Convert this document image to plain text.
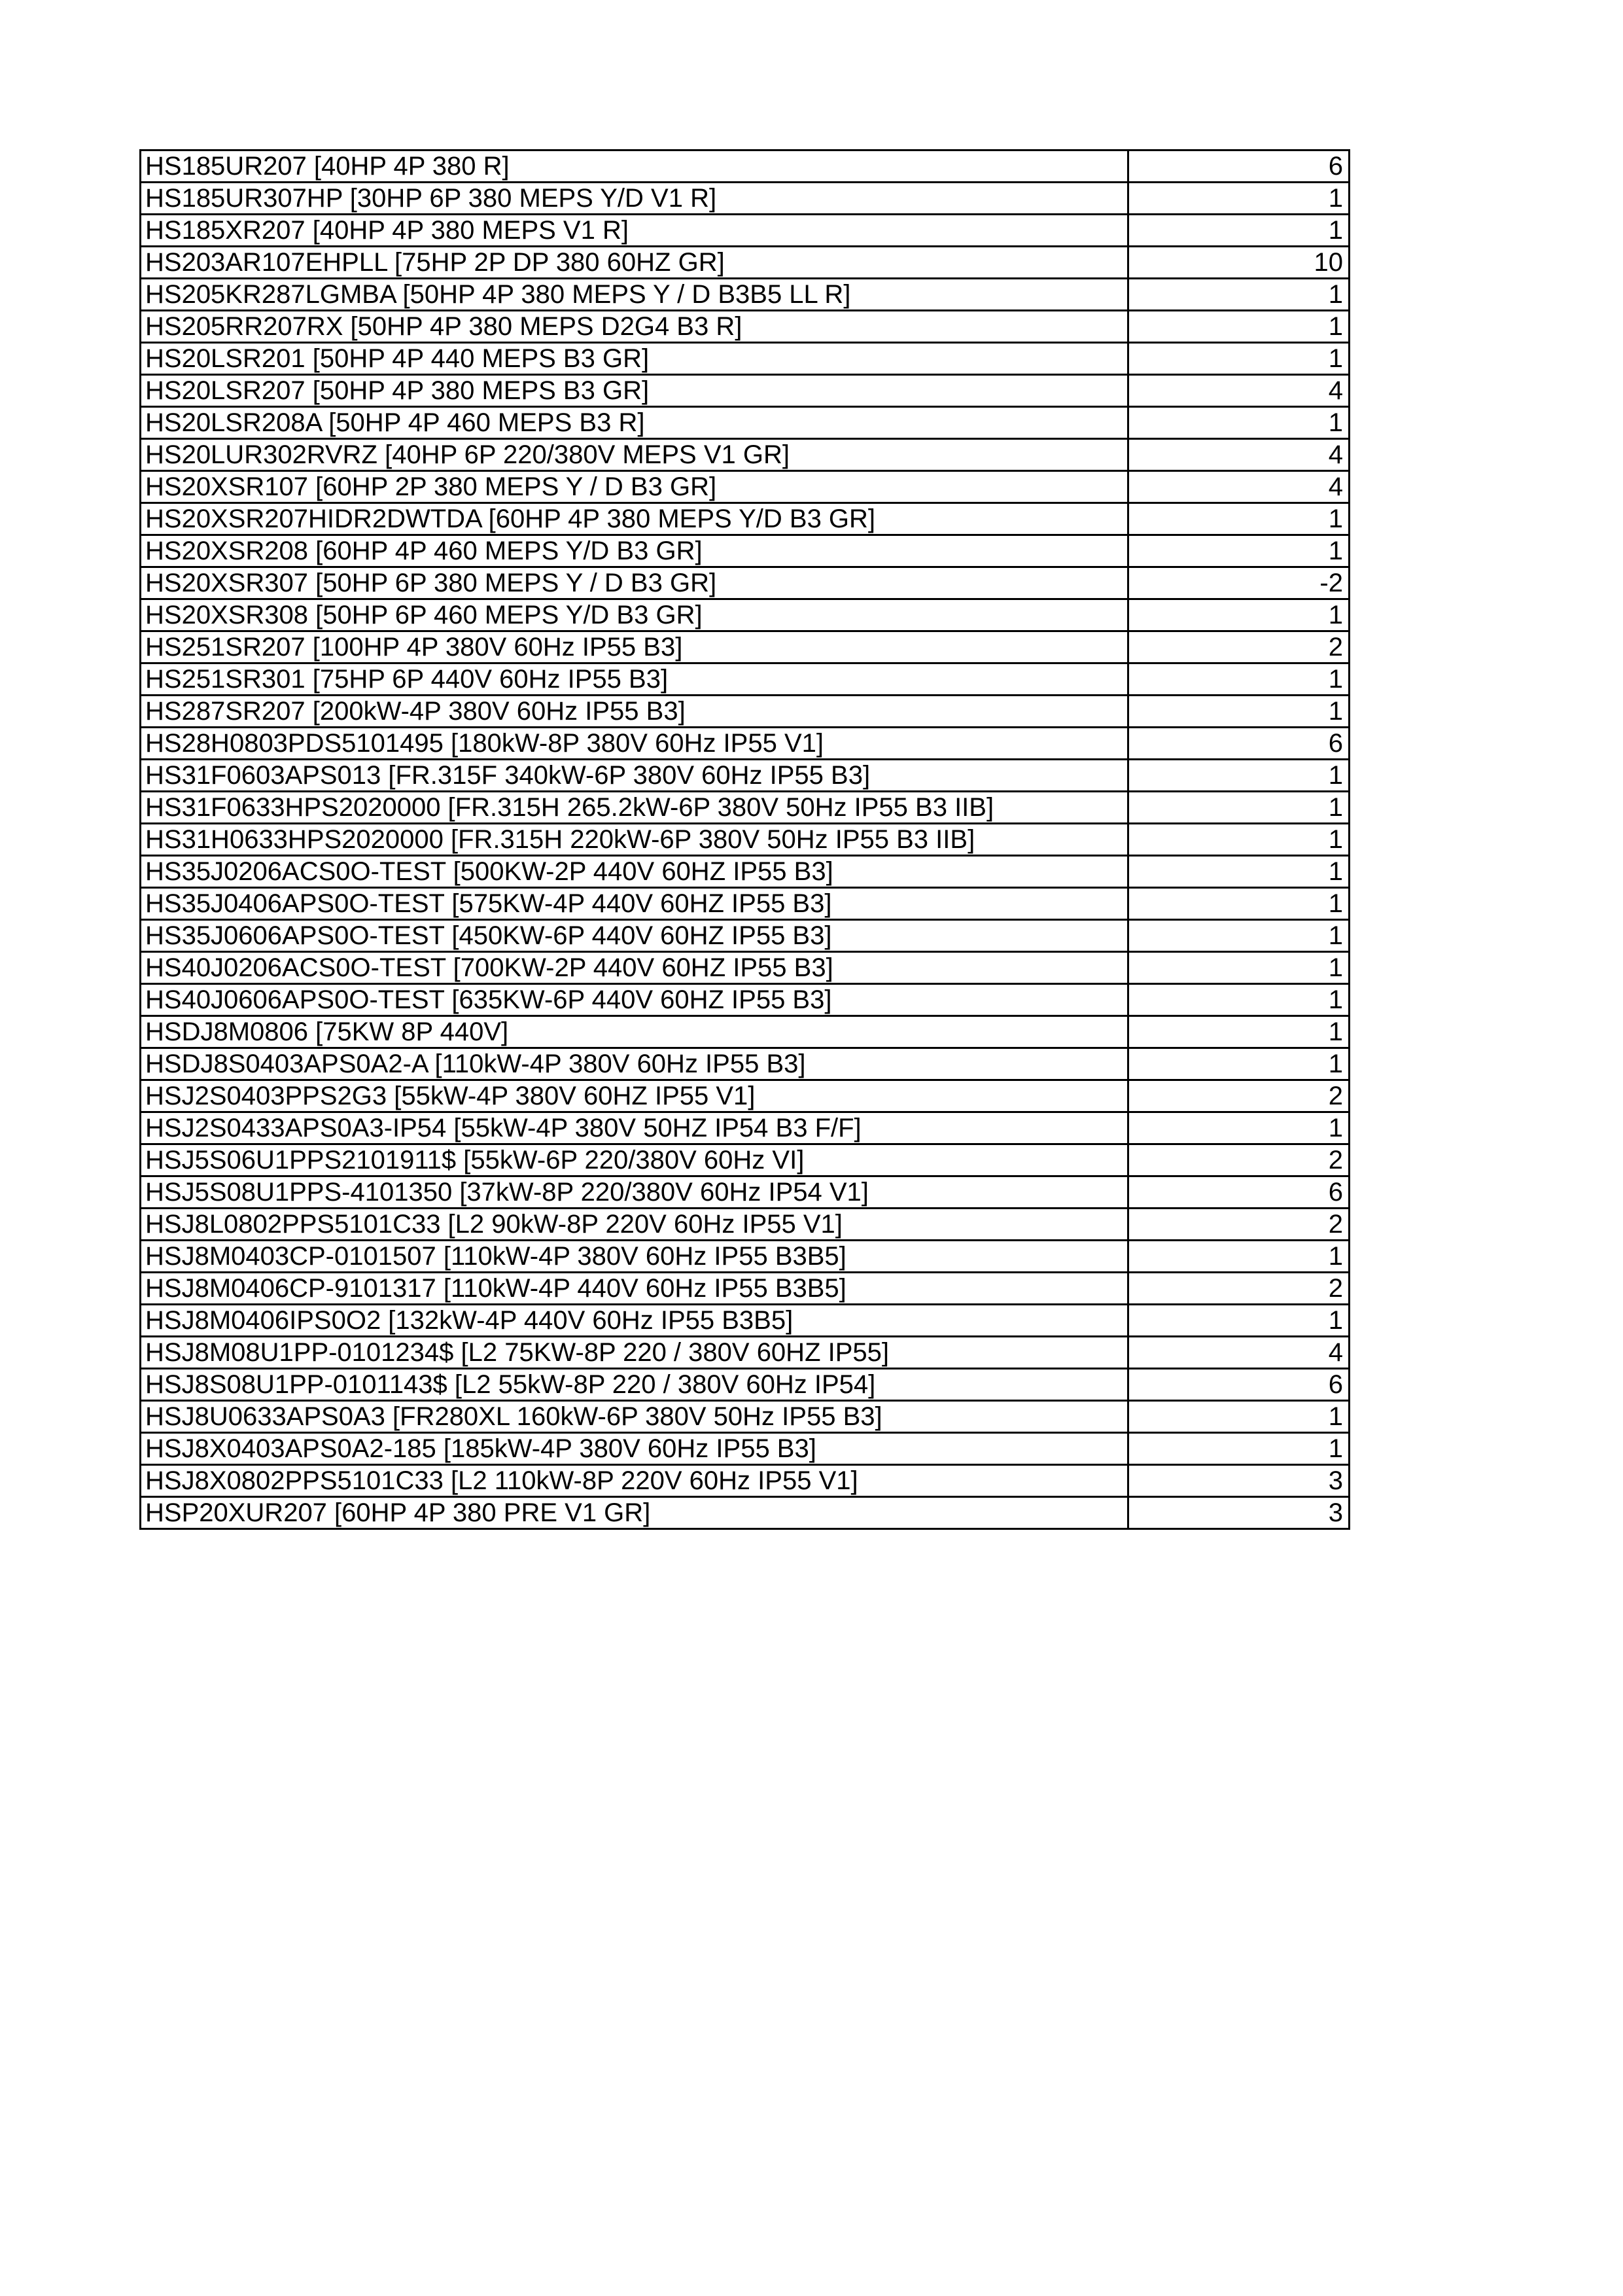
HS185UR207 [40HP 4P 380 R]	6
HS185UR307HP [30HP 6P 380 MEPS Y/D V1 R]	1
HS185XR207 [40HP 4P 380 MEPS V1 R]	1
HS203AR107EHPLL [75HP 2P DP 380 60HZ GR]	10
HS205KR287LGMBA [50HP 4P 380 MEPS Y / D B3B5 LL R]	1
HS205RR207RX [50HP 4P 380 MEPS D2G4 B3 R]	1
HS20LSR201 [50HP 4P 440 MEPS B3 GR]	1
HS20LSR207 [50HP 4P 380 MEPS B3 GR]	4
HS20LSR208A [50HP 4P 460 MEPS B3 R]	1
HS20LUR302RVRZ [40HP 6P 220/380V MEPS V1 GR]	4
HS20XSR107 [60HP 2P 380 MEPS Y / D B3 GR]	4
HS20XSR207HIDR2DWTDA [60HP 4P 380 MEPS Y/D B3 GR]	1
HS20XSR208 [60HP 4P 460 MEPS Y/D B3 GR]	1
HS20XSR307 [50HP 6P 380 MEPS Y / D B3 GR]	-2
HS20XSR308 [50HP 6P 460 MEPS Y/D B3 GR]	1
HS251SR207 [100HP 4P 380V 60Hz IP55 B3]	2
HS251SR301 [75HP 6P 440V 60Hz IP55 B3]	1
HS287SR207 [200kW-4P 380V 60Hz IP55 B3]	1
HS28H0803PDS5101495 [180kW-8P 380V 60Hz IP55 V1]	6
HS31F0603APS013 [FR.315F 340kW-6P 380V 60Hz IP55 B3]	1
HS31F0633HPS2020000 [FR.315H 265.2kW-6P 380V 50Hz IP55 B3 IIB]	1
HS31H0633HPS2020000 [FR.315H 220kW-6P 380V 50Hz IP55 B3 IIB]	1
HS35J0206ACS0O-TEST [500KW-2P 440V 60HZ IP55 B3]	1
HS35J0406APS0O-TEST [575KW-4P 440V 60HZ IP55 B3]	1
HS35J0606APS0O-TEST [450KW-6P 440V 60HZ IP55 B3]	1
HS40J0206ACS0O-TEST [700KW-2P 440V 60HZ IP55 B3]	1
HS40J0606APS0O-TEST [635KW-6P 440V 60HZ IP55 B3]	1
HSDJ8M0806 [75KW 8P 440V]	1
HSDJ8S0403APS0A2-A [110kW-4P 380V 60Hz IP55 B3]	1
HSJ2S0403PPS2G3 [55kW-4P 380V 60HZ IP55 V1]	2
HSJ2S0433APS0A3-IP54 [55kW-4P 380V 50HZ IP54 B3 F/F]	1
HSJ5S06U1PPS2101911$ [55kW-6P 220/380V 60Hz VI]	2
HSJ5S08U1PPS-4101350 [37kW-8P 220/380V 60Hz IP54 V1]	6
HSJ8L0802PPS5101C33 [L2 90kW-8P 220V 60Hz IP55 V1]	2
HSJ8M0403CP-0101507 [110kW-4P 380V 60Hz IP55 B3B5]	1
HSJ8M0406CP-9101317 [110kW-4P 440V 60Hz IP55 B3B5]	2
HSJ8M0406IPS0O2 [132kW-4P 440V 60Hz IP55 B3B5]	1
HSJ8M08U1PP-0101234$ [L2 75KW-8P 220 / 380V 60HZ IP55]	4
HSJ8S08U1PP-0101143$ [L2 55kW-8P 220 / 380V 60Hz IP54]	6
HSJ8U0633APS0A3 [FR280XL 160kW-6P 380V 50Hz IP55 B3]	1
HSJ8X0403APS0A2-185 [185kW-4P 380V 60Hz IP55 B3]	1
HSJ8X0802PPS5101C33 [L2 110kW-8P 220V 60Hz IP55 V1]	3
HSP20XUR207 [60HP 4P 380 PRE V1 GR]	3
